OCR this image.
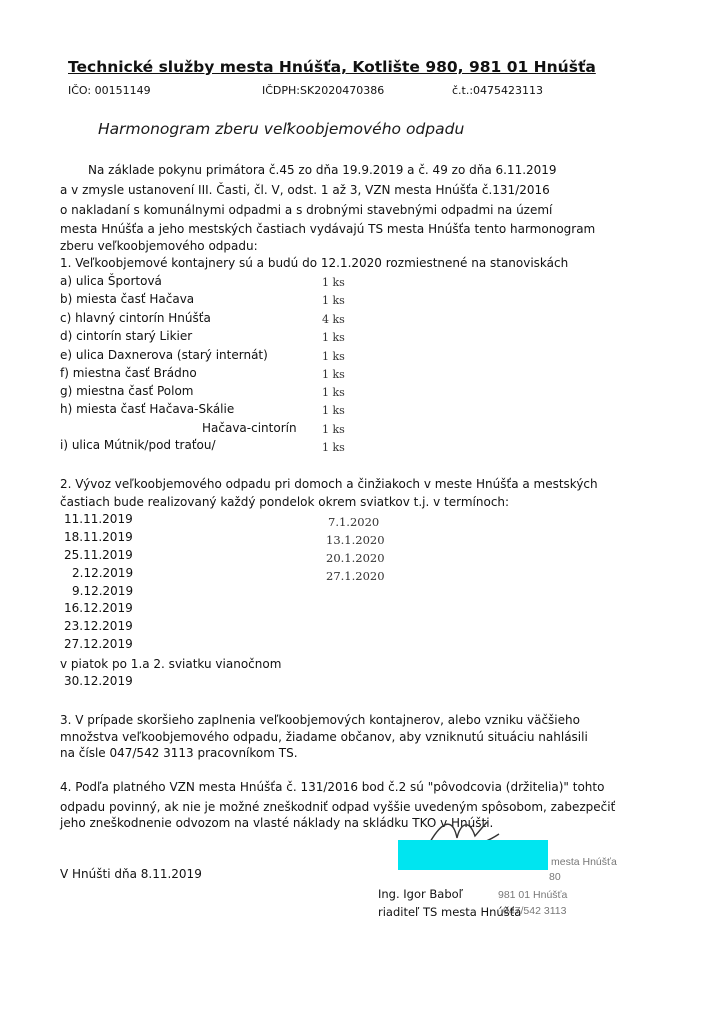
Technické služby mesta Hnúšťa, Kotlište 980, 981 01 Hnúšťa
IČO: 00151149	IČDPH:SK2020470386	č.t.:0475423113
Harmonogram zberu veľkoobjemového odpadu
Na základe pokynu primátora č.45 zo dňa 19.9.2019 a č. 49 zo dňa 6.11.2019
a v zmysle ustanovení III. Časti, čl. V, odst. 1 až 3, VZN mesta Hnúšťa č.131/2016
o nakladaní s komunálnymi odpadmi a s drobnými stavebnými odpadmi na území
mesta Hnúšťa a jeho mestských častiach vydávajú TS mesta Hnúšťa tento harmonogram
zberu veľkoobjemového odpadu:
1. Veľkoobjemové kontajnery sú a budú do 12.1.2020 rozmiestnené na stanoviskách
a) ulica Športová	1 ks
b) miesta časť Hačava	1 ks
c) hlavný cintorín Hnúšťa	4 ks
d) cintorín starý Likier	1 ks
e) ulica Daxnerova (starý internát)	1 ks
f) miestna časť Brádno	1 ks
g) miestna časť Polom	1 ks
h) miesta časť Hačava-Skálie	1 ks
Hačava-cintorín 1 ks
i) ulica Mútnik/pod traťou/	1 ks
2. Vývoz veľkoobjemového odpadu pri domoch a činžiakoch v meste Hnúšťa a mestských
častiach bude realizovaný každý pondelok okrem sviatkov t.j. v termínoch:
11.11.2019
18.11.2019
25.11.2019
2.12.2019
9.12.2019
16.12.2019
23.12.2019
27.12.2019
7.1.2020
13.1.2020
20.1.2020
27.1.2020
v piatok po 1.a 2. sviatku vianočnom
30.12.2019
3. V prípade skoršieho zaplnenia veľkoobjemových kontajnerov, alebo vzniku väčšieho
množstva veľkoobjemového odpadu, žiadame občanov, aby vzniknutú situáciu nahlásili
na čísle 047/542 3113 pracovníkom TS.
4. Podľa platného VZN mesta Hnúšťa č. 131/2016 bod č.2 sú "pôvodcovia (držitelia)" tohto
odpadu povinný, ak nie je možné zneškodniť odpad vyššie uvedeným spôsobom, zabezpečiť
jeho zneškodnenie odvozom na vlasté náklady na skládku TKO v Hnúšti.
V Hnúšti dňa 8.11.2019
mesta Hnúšťa
80
981 01 Hnúšťa
047/542 3113
Ing. Igor Baboľ
riaditeľ TS mesta Hnúšťa
